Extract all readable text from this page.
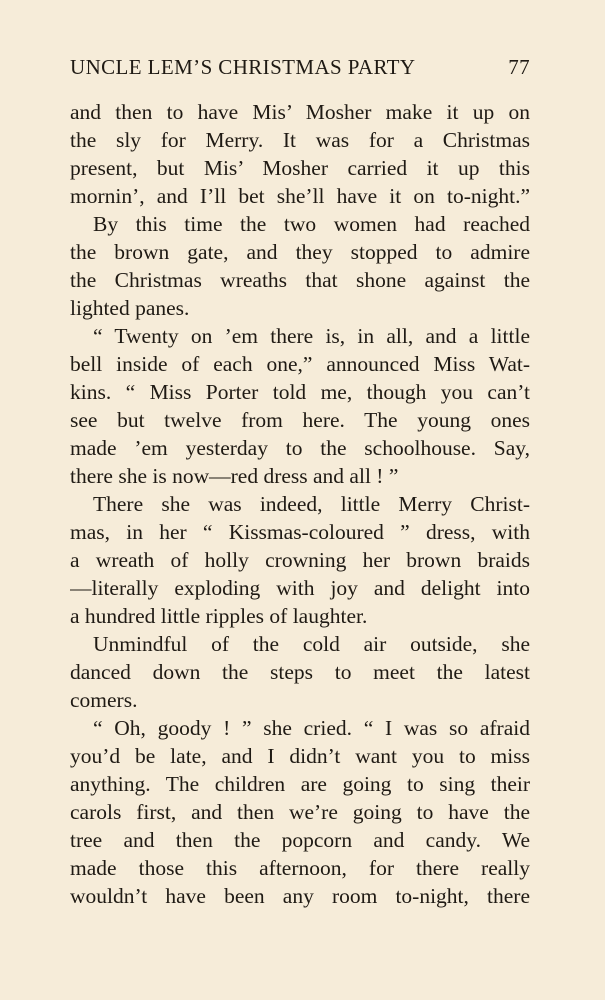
UNCLE LEM’S CHRISTMAS PARTY	77
and then to have Mis’ Mosher make it up on
the sly for Merry. It was for a Christmas
present, but Mis’ Mosher carried it up this
mornin’, and I’ll bet she’ll have it on to-night.”
By this time the two women had reached
the brown gate, and they stopped to admire
the Christmas wreaths that shone against the
lighted panes.
“ Twenty on ’em there is, in all, and a little
bell inside of each one,” announced Miss Wat-
kins. “ Miss Porter told me, though you can’t
see but twelve from here. The young ones
made ’em yesterday to the schoolhouse. Say,
there she is now—red dress and all ! ”
There she was indeed, little Merry Christ-
mas, in her “ Kissmas-coloured ” dress, with
a wreath of holly crowning her brown braids
—literally exploding with joy and delight into
a hundred little ripples of laughter.
Unmindful of the cold air outside, she
danced down the steps to meet the latest
comers.
“ Oh, goody ! ” she cried. “ I was so afraid
you’d be late, and I didn’t want you to miss
anything. The children are going to sing their
carols first, and then we’re going to have the
tree and then the popcorn and candy. We
made those this afternoon, for there really
wouldn’t have been any room to-night, there
